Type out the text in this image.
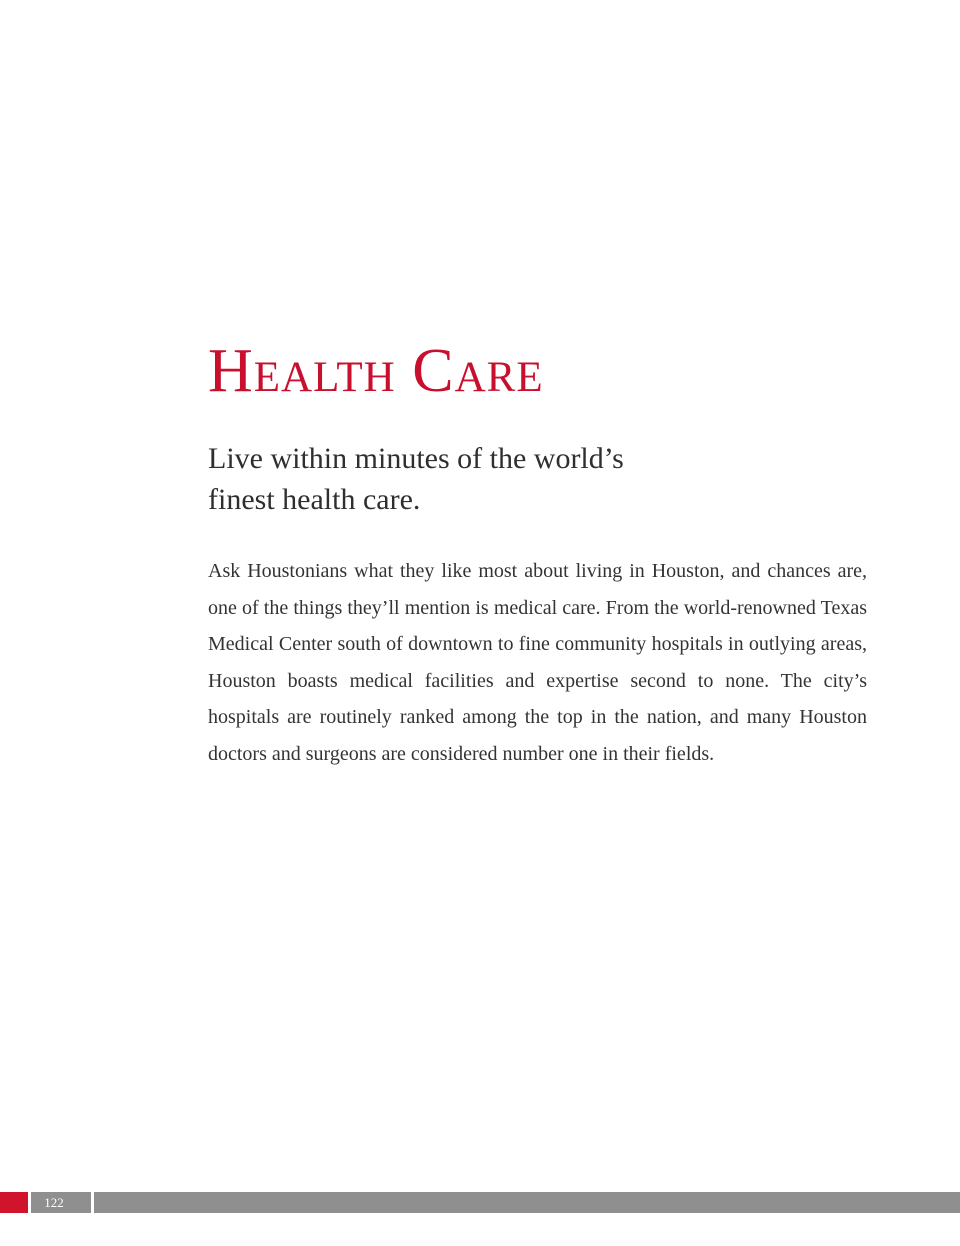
Health Care
Live within minutes of the world’s finest health care.

Ask Houstonians what they like most about living in Houston, and chances are, one of the things they’ll mention is medical care. From the world-renowned Texas Medical Center south of downtown to fine community hospitals in outlying areas, Houston boasts medical facilities and expertise second to none. The city’s hospitals are routinely ranked among the top in the nation, and many Houston doctors and surgeons are considered number one in their fields.

122
